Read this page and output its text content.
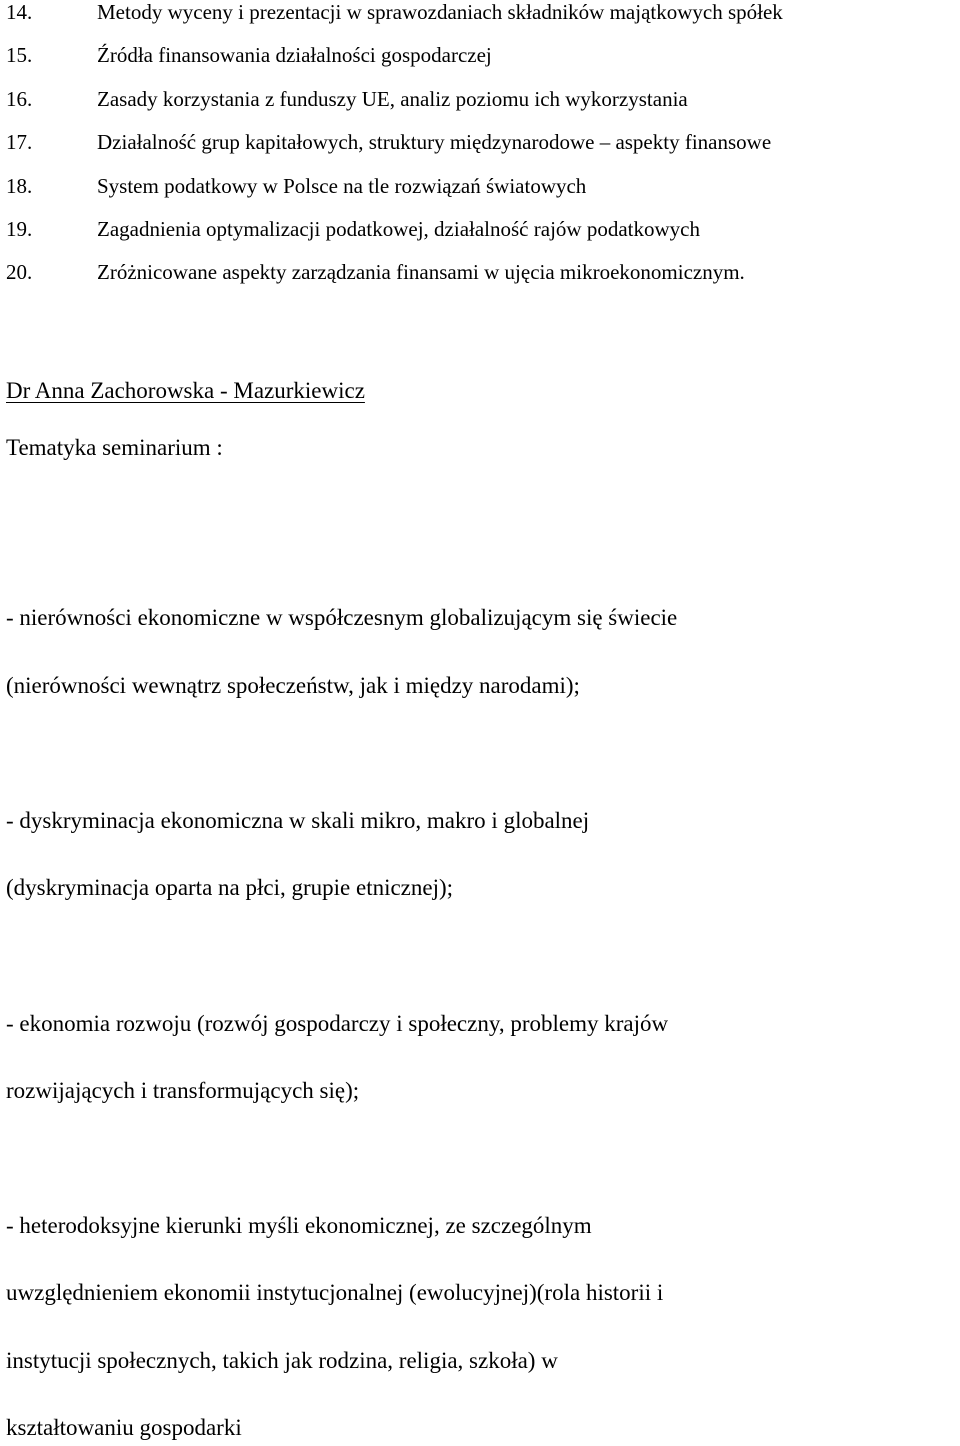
14.	Metody wyceny i prezentacji w sprawozdaniach składników majątkowych spółek
15.	Źródła finansowania działalności gospodarczej
16.	Zasady korzystania z funduszy UE, analiz poziomu ich wykorzystania
17.	Działalność grup kapitałowych, struktury międzynarodowe – aspekty finansowe
18.	System podatkowy w Polsce na tle rozwiązań światowych
19.	Zagadnienia optymalizacji podatkowej, działalność rajów podatkowych
20.	Zróżnicowane aspekty zarządzania finansami w ujęcia mikroekonomicznym.
Dr Anna Zachorowska - Mazurkiewicz
Tematyka seminarium :
- nierówności ekonomiczne w współczesnym globalizującym się świecie
(nierówności wewnątrz społeczeństw, jak i między narodami);
- dyskryminacja ekonomiczna w skali mikro, makro i globalnej
(dyskryminacja oparta na płci, grupie etnicznej);
- ekonomia rozwoju (rozwój gospodarczy i społeczny, problemy krajów
rozwijających i transformujących się);
- heterodoksyjne kierunki myśli ekonomicznej, ze szczególnym
uwzględnieniem ekonomii instytucjonalnej (ewolucyjnej)(rola historii i
instytucji społecznych, takich jak rodzina, religia, szkoła) w
kształtowaniu gospodarki
